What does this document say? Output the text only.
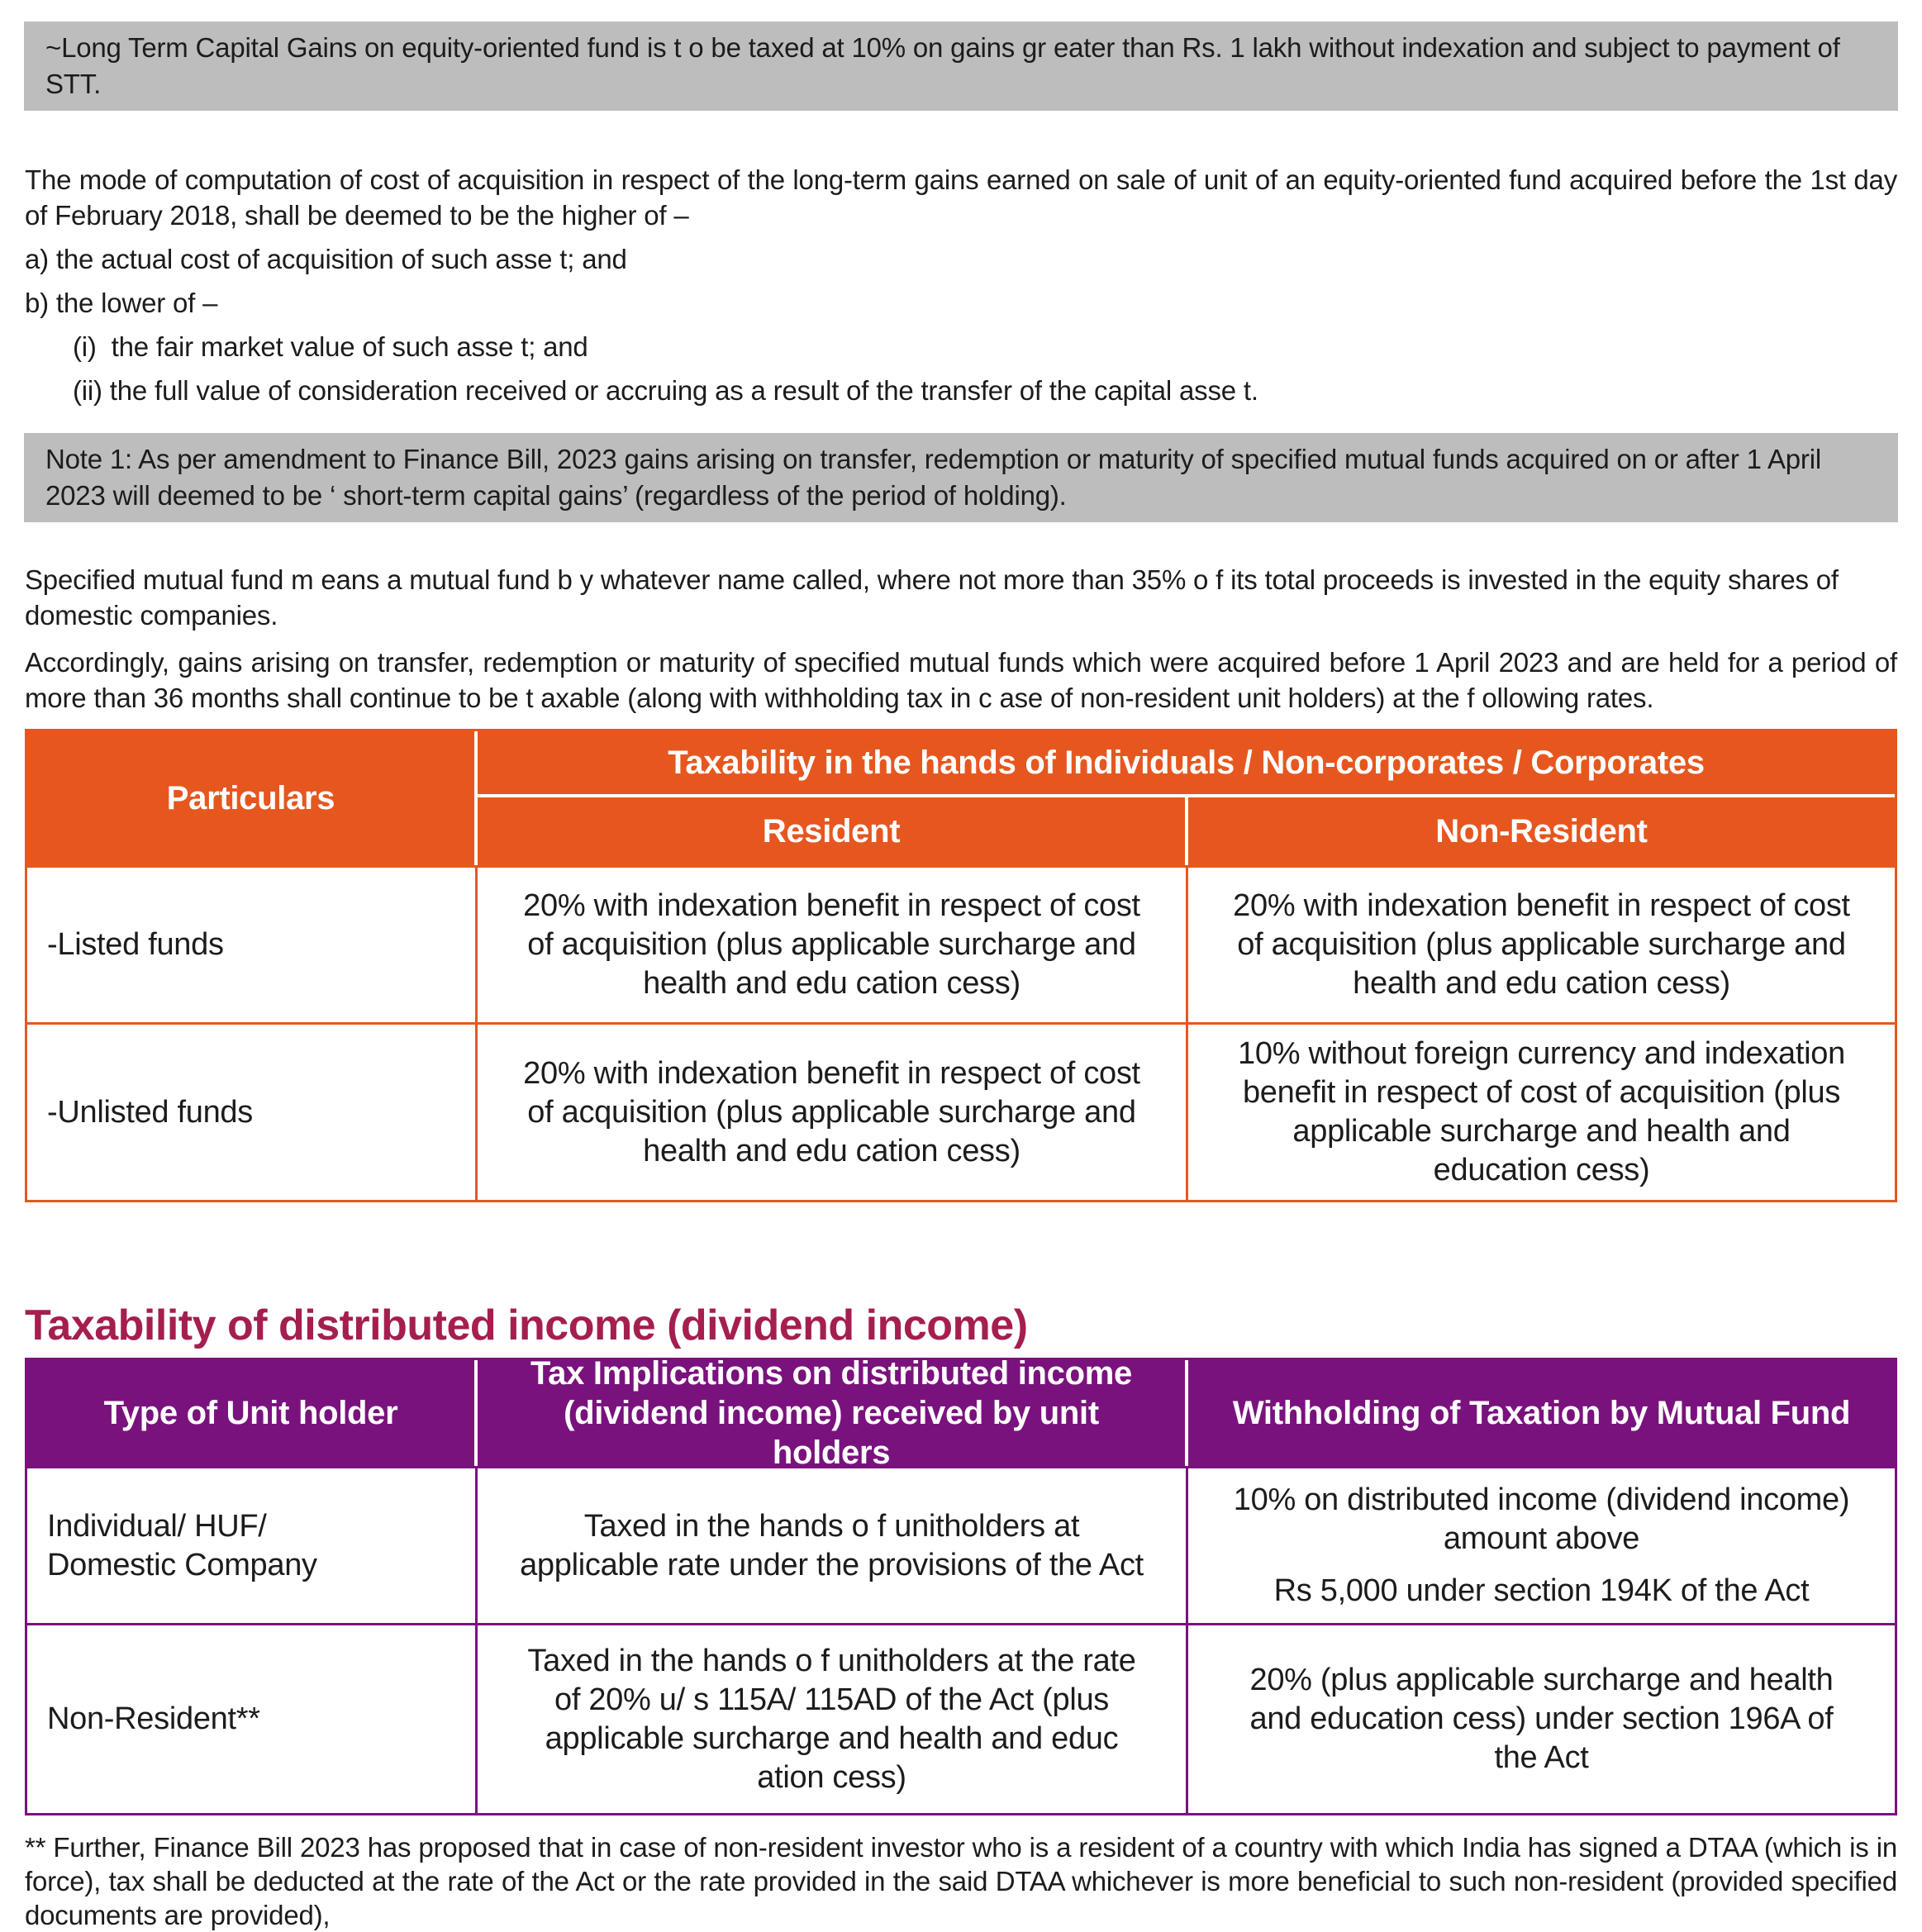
~Long Term Capital Gains on equity-oriented fund is t o be taxed at 10% on gains gr eater than Rs. 1 lakh without indexation and subject to payment of STT.

The mode of computation of cost of acquisition in respect of the long-term gains earned on sale of unit of an equity-oriented fund acquired before the 1st day of February 2018, shall be deemed to be the higher of –

a) the actual cost of acquisition of such asse t; and

b) the lower of –

(i)  the fair market value of such asse t; and

(ii) the full value of consideration received or accruing as a result of the transfer of the capital asse t.

Note 1: As per amendment to Finance Bill, 2023 gains arising on transfer, redemption or maturity of specified mutual funds acquired on or after 1 April 2023 will deemed to be ‘ short-term capital gains’ (regardless of the period of holding).

Specified mutual fund m eans a mutual fund b y whatever name called, where not more than 35% o f its total proceeds is invested in the equity shares of domestic companies.

Accordingly, gains arising on transfer, redemption or maturity of specified mutual funds which were acquired before 1 April 2023 and are held for a period of more than 36 months shall continue to be t axable (along with withholding tax in c ase of non-resident unit holders) at the f ollowing rates.

Particulars
Taxability in the hands of Individuals / Non-corporates / Corporates
Resident	Non-Resident
-Listed funds
20% with indexation benefit in respect of cost of acquisition (plus applicable surcharge and health and edu cation cess)
20% with indexation benefit in respect of cost of acquisition (plus applicable surcharge and health and edu cation cess)
-Unlisted funds
20% with indexation benefit in respect of cost of acquisition (plus applicable surcharge and health and edu cation cess)
10% without foreign currency and indexation benefit in respect of cost of acquisition (plus applicable surcharge and health and education cess)
Taxability of distributed income (dividend income)
Type of Unit holder
Tax Implications on distributed income (dividend income) received by unit holders
Withholding of Taxation by Mutual Fund
Individual/ HUF/ Domestic Company
Taxed in the hands o f unitholders at applicable rate under the provisions of the Act
10% on distributed income (dividend income) amount above
Rs 5,000 under section 194K of the Act
Non-Resident**
Taxed in the hands o f unitholders at the rate of 20% u/ s 115A/ 115AD of the Act (plus applicable surcharge and health and educ ation cess)
20% (plus applicable surcharge and health and education cess) under section 196A of the Act

** Further, Finance Bill 2023 has proposed that in case of non-resident investor who is a resident of a country with which India has signed a DTAA (which is in force), tax shall be deducted at the rate of the Act or the rate provided in the said DTAA whichever is more beneficial to such non-resident (provided specified documents are provided),
